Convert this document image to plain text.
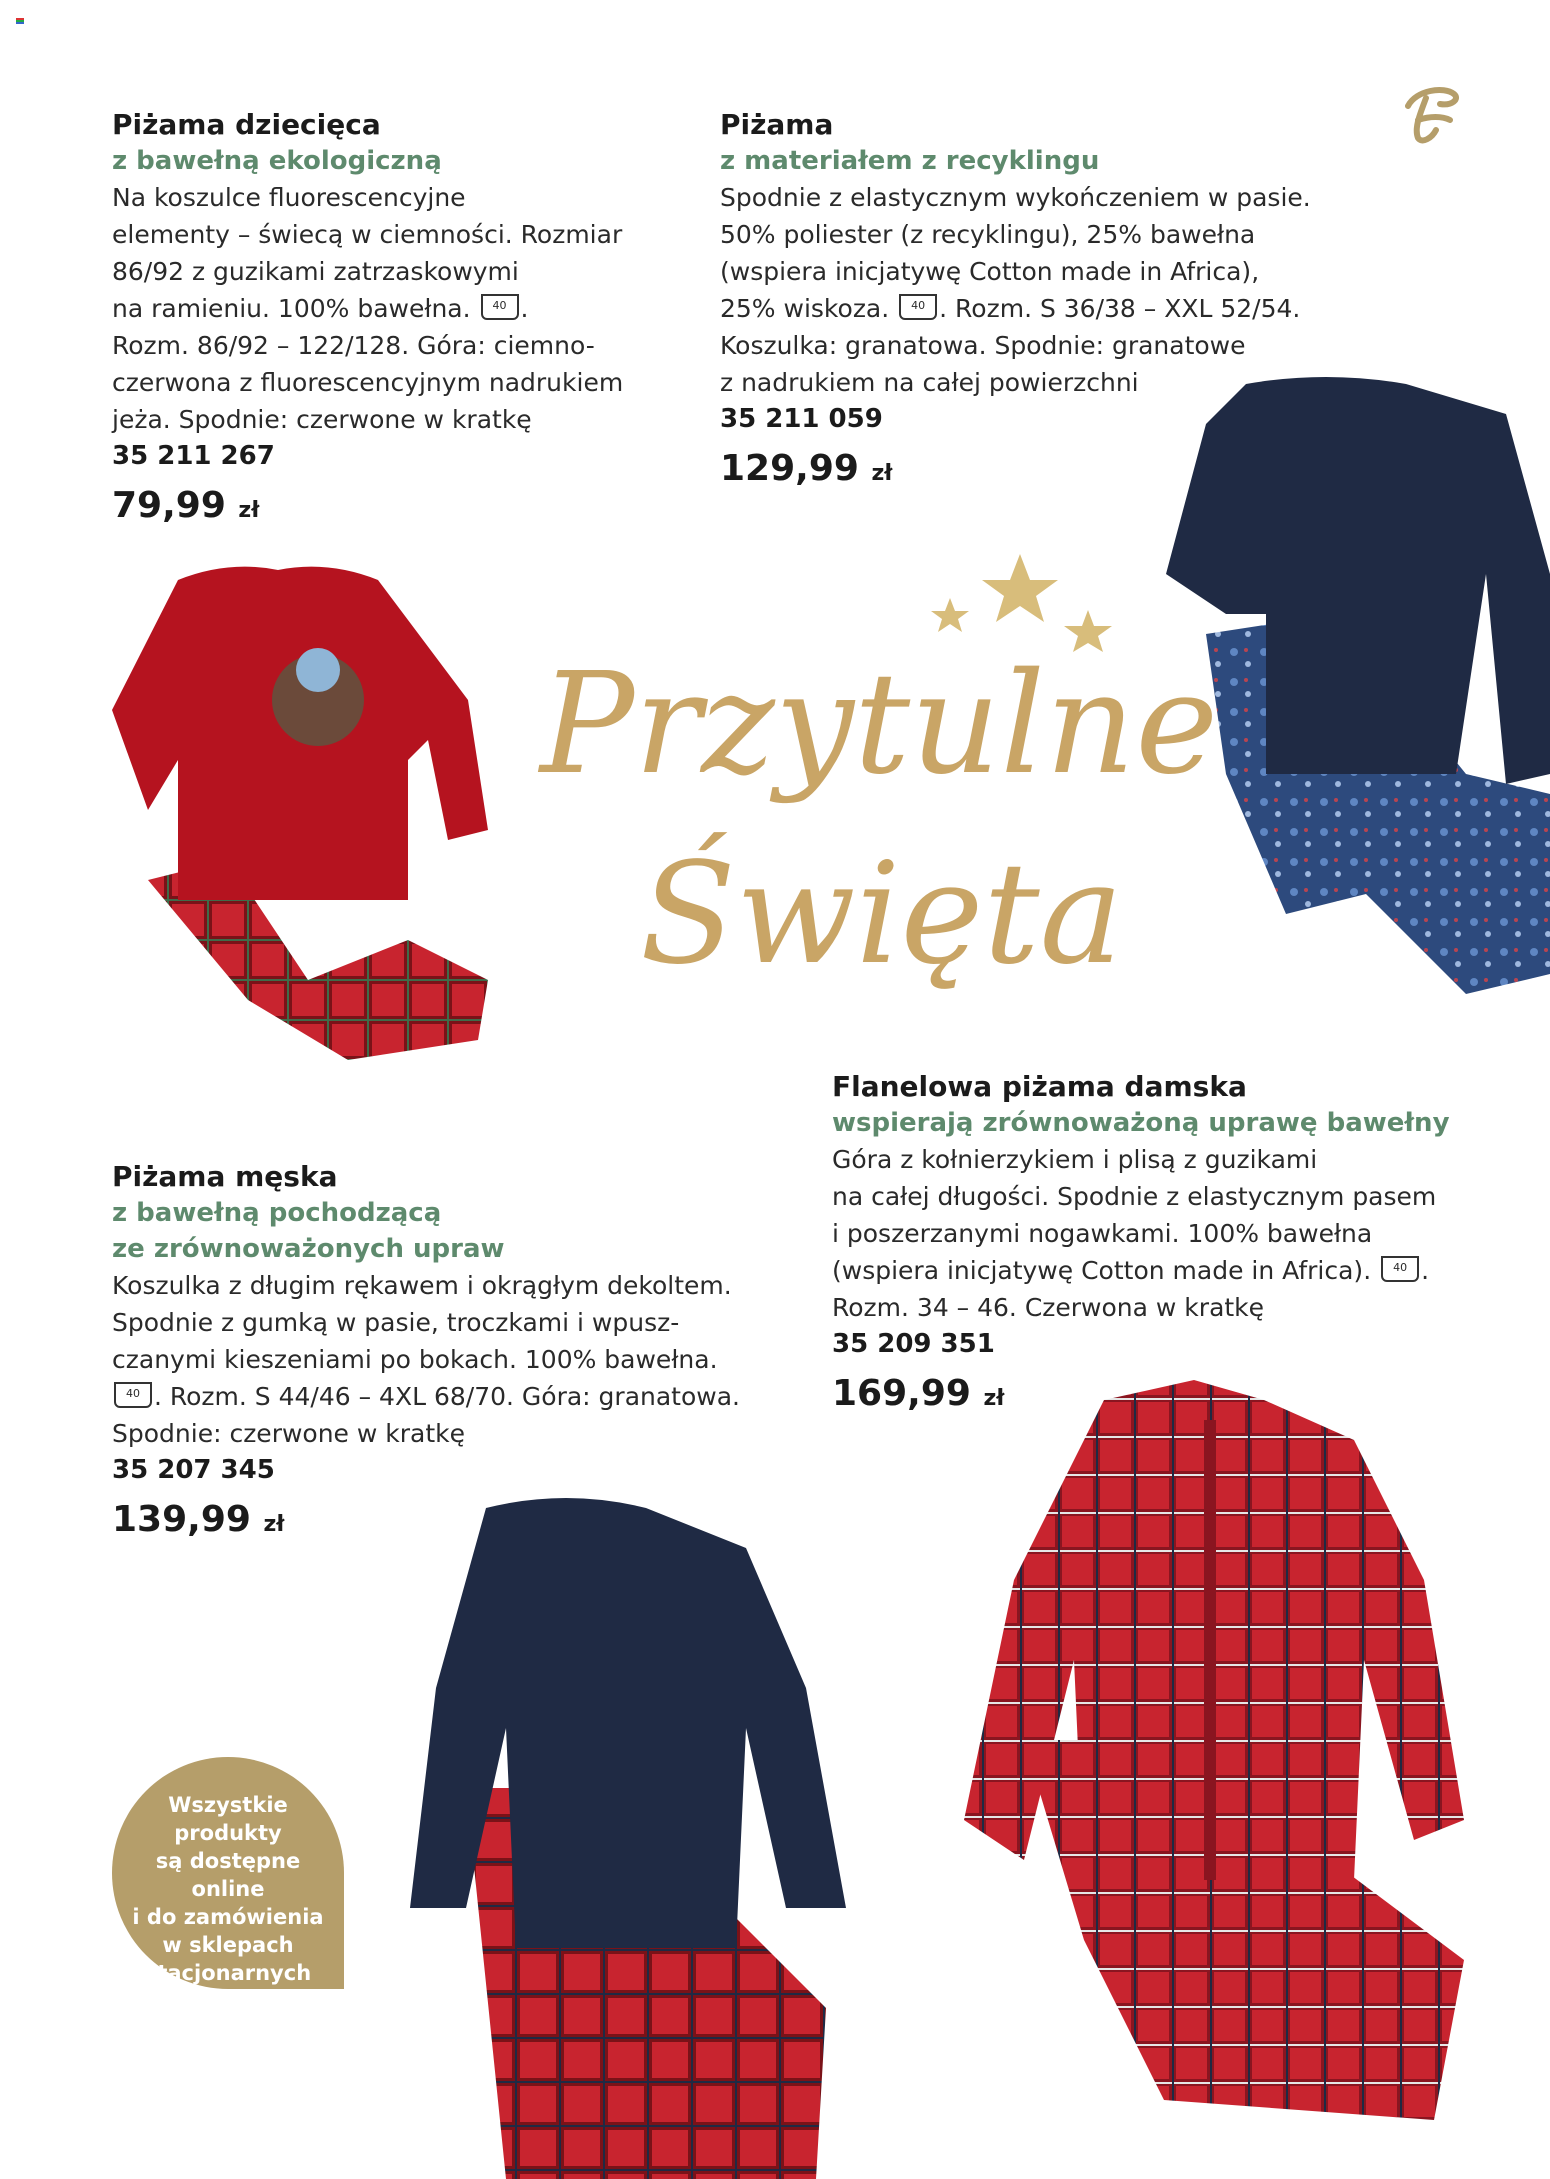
Piżama dziecięca
z bawełną ekologiczną
Na koszulce fluorescencyjne
elementy – świecą w ciemności. Rozmiar
86/92 z guzikami zatrzaskowymi
na ramieniu. 100% bawełna. 40 .
Rozm. 86/92 – 122/128. Góra: ciemno-
czerwona z fluorescencyjnym nadrukiem
jeża. Spodnie: czerwone w kratkę
35 211 267
79,99 zł
Piżama
z materiałem z recyklingu
Spodnie z elastycznym wykończeniem w pasie.
50% poliester (z recyklingu), 25% bawełna
(wspiera inicjatywę Cotton made in Africa),
25% wiskoza. 40 . Rozm. S 36/38 – XXL 52/54.
Koszulka: granatowa. Spodnie: granatowe
z nadrukiem na całej powierzchni
35 211 059
129,99 zł
Przytulne
Święta
Piżama męska
z bawełną pochodzącą
ze zrównoważonych upraw
Koszulka z długim rękawem i okrągłym dekoltem.
Spodnie z gumką w pasie, troczkami i wpusz-
czanymi kieszeniami po bokach. 100% bawełna.
40 . Rozm. S 44/46 – 4XL 68/70. Góra: granatowa.
Spodnie: czerwone w kratkę
35 207 345
139,99 zł
Flanelowa piżama damska
wspierają zrównoważoną uprawę bawełny
Góra z kołnierzykiem i plisą z guzikami
na całej długości. Spodnie z elastycznym pasem
i poszerzanymi nogawkami. 100% bawełna
(wspiera inicjatywę Cotton made in Africa). 40 .
Rozm. 34 – 46. Czerwona w kratkę
35 209 351
169,99 zł
Wszystkie
produkty
są dostępne online
i do zamówienia
w sklepach
stacjonarnych
